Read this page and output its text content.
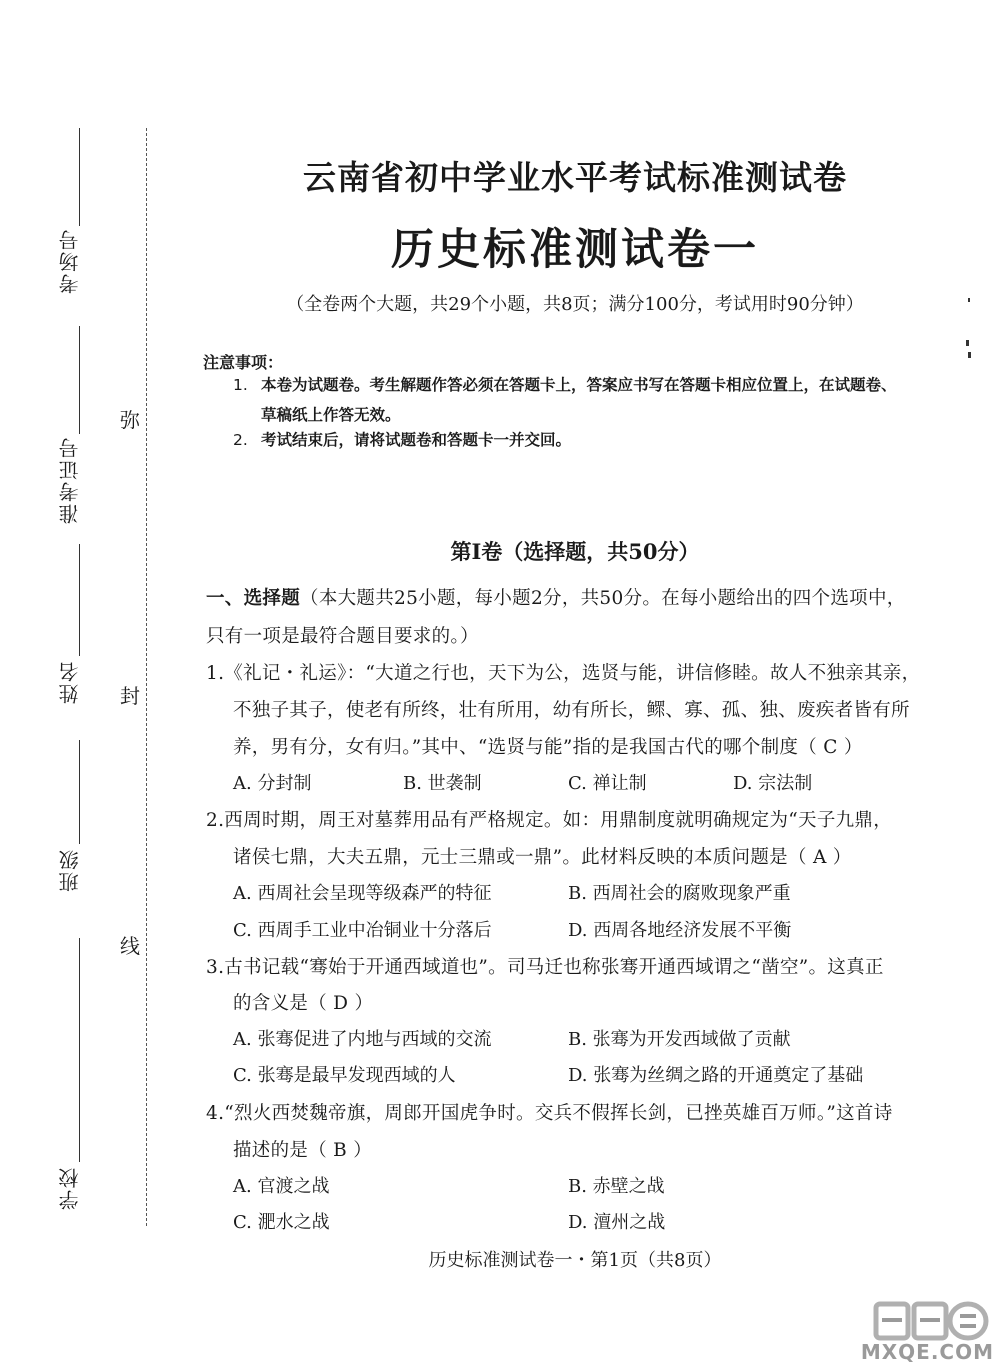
考场号
准考证号
姓名
班级
学校
弥
封
线
云南省初中学业水平考试标准测试卷
历史标准测试卷一
（全卷两个大题，共29个小题，共8页；满分100分，考试用时90分钟）
注意事项：
1. 本卷为试题卷。考生解题作答必须在答题卡上，答案应书写在答题卡相应位置上，在试题卷、
草稿纸上作答无效。
2. 考试结束后，请将试题卷和答题卡一并交回。
第Ⅰ卷（选择题，共50分）
一、选择题（本大题共25小题，每小题2分，共50分。在每小题给出的四个选项中，
只有一项是最符合题目要求的。）
1.《礼记・礼运》：“大道之行也，天下为公，选贤与能，讲信修睦。故人不独亲其亲，
不独子其子，使老有所终，壮有所用，幼有所长，鳏、寡、孤、独、废疾者皆有所
养，男有分，女有归。”其中、“选贤与能”指的是我国古代的哪个制度（ C ）
A. 分封制	B. 世袭制	C. 禅让制	D. 宗法制
2.西周时期，周王对墓葬用品有严格规定。如：用鼎制度就明确规定为“天子九鼎，
诸侯七鼎，大夫五鼎，元士三鼎或一鼎”。此材料反映的本质问题是（ A ）
A. 西周社会呈现等级森严的特征	B. 西周社会的腐败现象严重
C. 西周手工业中冶铜业十分落后	D. 西周各地经济发展不平衡
3.古书记载“骞始于开通西域道也”。司马迁也称张骞开通西域谓之“凿空”。这真正
的含义是（ D ）
A. 张骞促进了内地与西域的交流	B. 张骞为开发西域做了贡献
C. 张骞是最早发现西域的人	D. 张骞为丝绸之路的开通奠定了基础
4.“烈火西焚魏帝旗，周郎开国虎争时。交兵不假挥长剑，已挫英雄百万师。”这首诗
描述的是（ B ）
A. 官渡之战	B. 赤壁之战
C. 淝水之战	D. 澶州之战
历史标准测试卷一・第1页（共8页）
MXQE.COM
